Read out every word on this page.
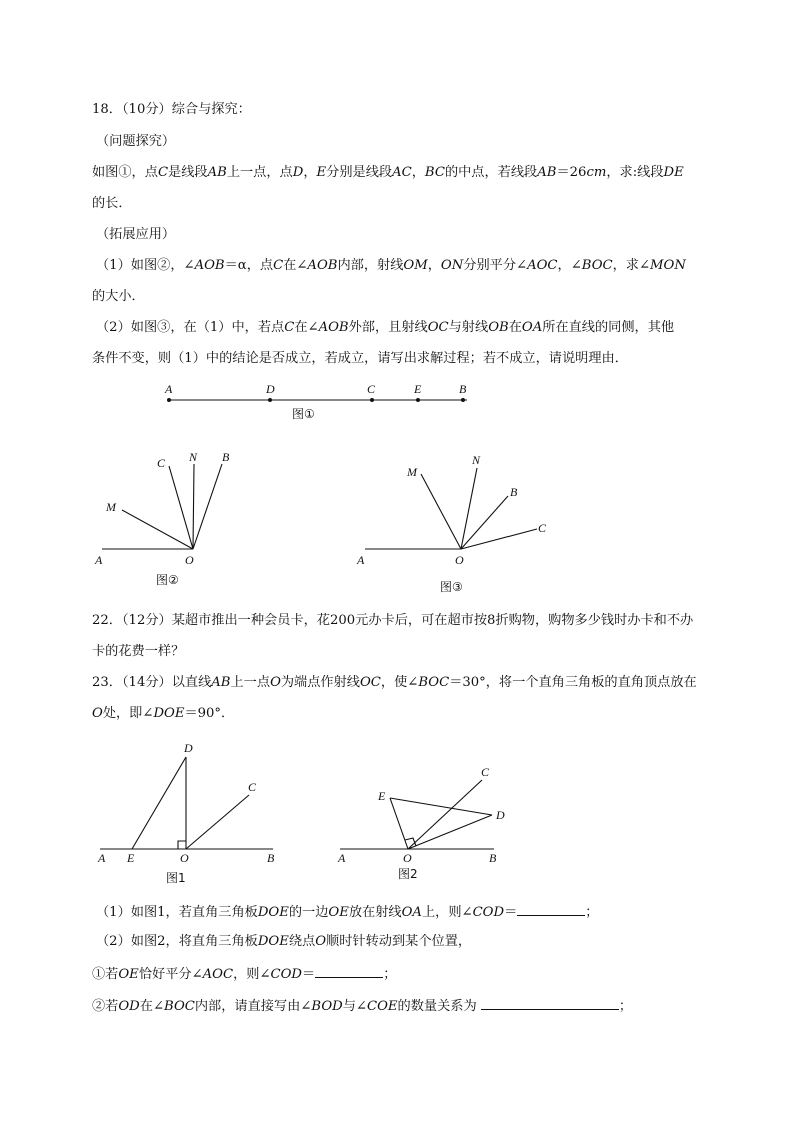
18．（10分）综合与探究：
（问题探究）
如图①，点C是线段AB上一点，点D，E分别是线段AC，BC的中点，若线段AB＝26cm，求:线段DE
的长．
（拓展应用）
（1）如图②，∠AOB＝α，点C在∠AOB内部，射线OM，ON分别平分∠AOC，∠BOC，求∠MON
的大小．
（2）如图③，在（1）中，若点C在∠AOB外部，且射线OC与射线OB在OA所在直线的同侧，其他
条件不变，则（1）中的结论是否成立，若成立，请写出求解过程；若不成立，请说明理由．
A	D	C	E	B
图①
C N B
M
A	O
图②
M
N
B
C
A	O
图③
D
C
A E	O	B
图1
C
E
D
A	O	B
图2
22．（12分）某超市推出一种会员卡，花200元办卡后，可在超市按8折购物，购物多少钱时办卡和不办
卡的花费一样？
23．（14分）以直线AB上一点O为端点作射线OC，使∠BOC＝30°，将一个直角三角板的直角顶点放在
O处，即∠DOE＝90°．
（1）如图1，若直角三角板DOE的一边OE放在射线OA上，则∠COD＝	；
（2）如图2，将直角三角板DOE绕点O顺时针转动到某个位置，
①若OE恰好平分∠AOC，则∠COD＝	；
②若OD在∠BOC内部，请直接写由∠BOD与∠COE的数量关系为	；
